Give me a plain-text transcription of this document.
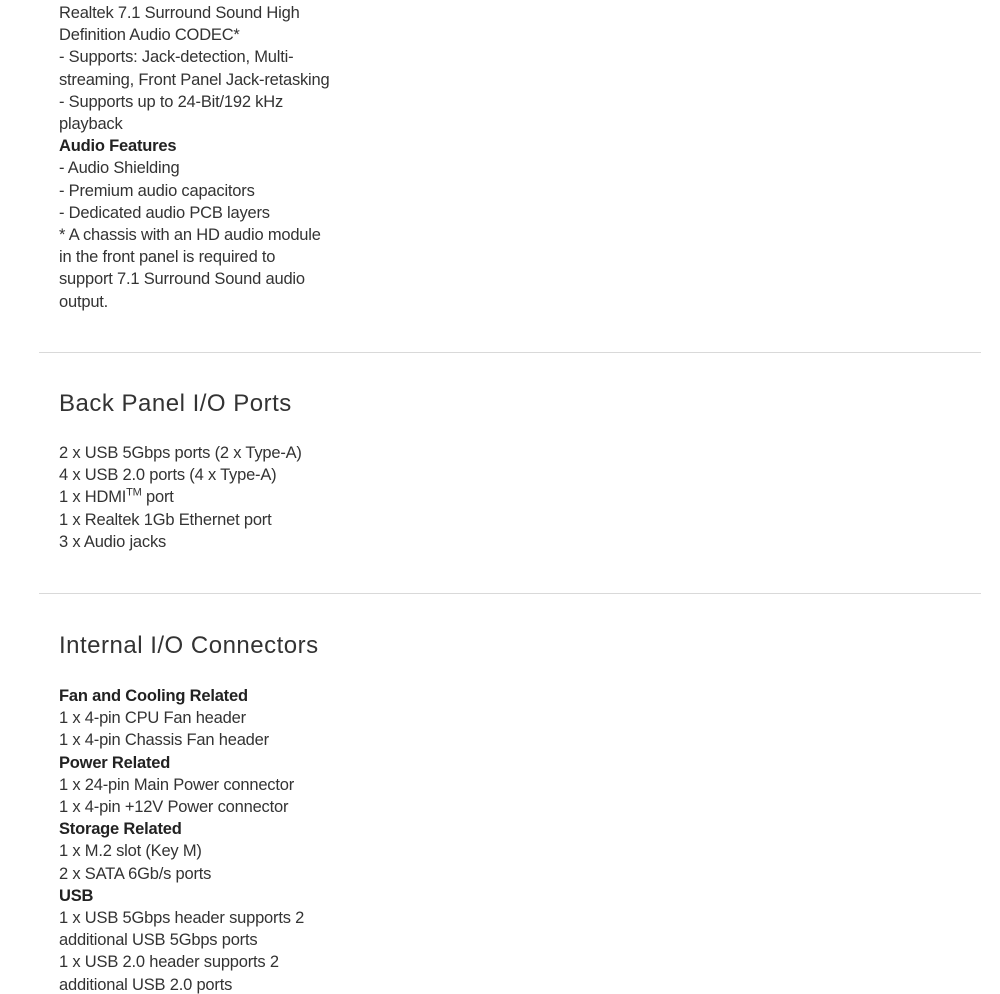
Realtek 7.1 Surround Sound High
Definition Audio CODEC*
- Supports: Jack-detection, Multi-
streaming, Front Panel Jack-retasking
- Supports up to 24-Bit/192 kHz
playback
Audio Features
- Audio Shielding
- Premium audio capacitors
- Dedicated audio PCB layers
* A chassis with an HD audio module
in the front panel is required to
support 7.1 Surround Sound audio
output.
Back Panel I/O Ports
2 x USB 5Gbps ports (2 x Type-A)
4 x USB 2.0 ports (4 x Type-A)
1 x HDMI™ port
1 x Realtek 1Gb Ethernet port
3 x Audio jacks
Internal I/O Connectors
Fan and Cooling Related
1 x 4-pin CPU Fan header
1 x 4-pin Chassis Fan header
Power Related
1 x 24-pin Main Power connector
1 x 4-pin +12V Power connector
Storage Related
1 x M.2 slot (Key M)
2 x SATA 6Gb/s ports
USB
1 x USB 5Gbps header supports 2
additional USB 5Gbps ports
1 x USB 2.0 header supports 2
additional USB 2.0 ports
